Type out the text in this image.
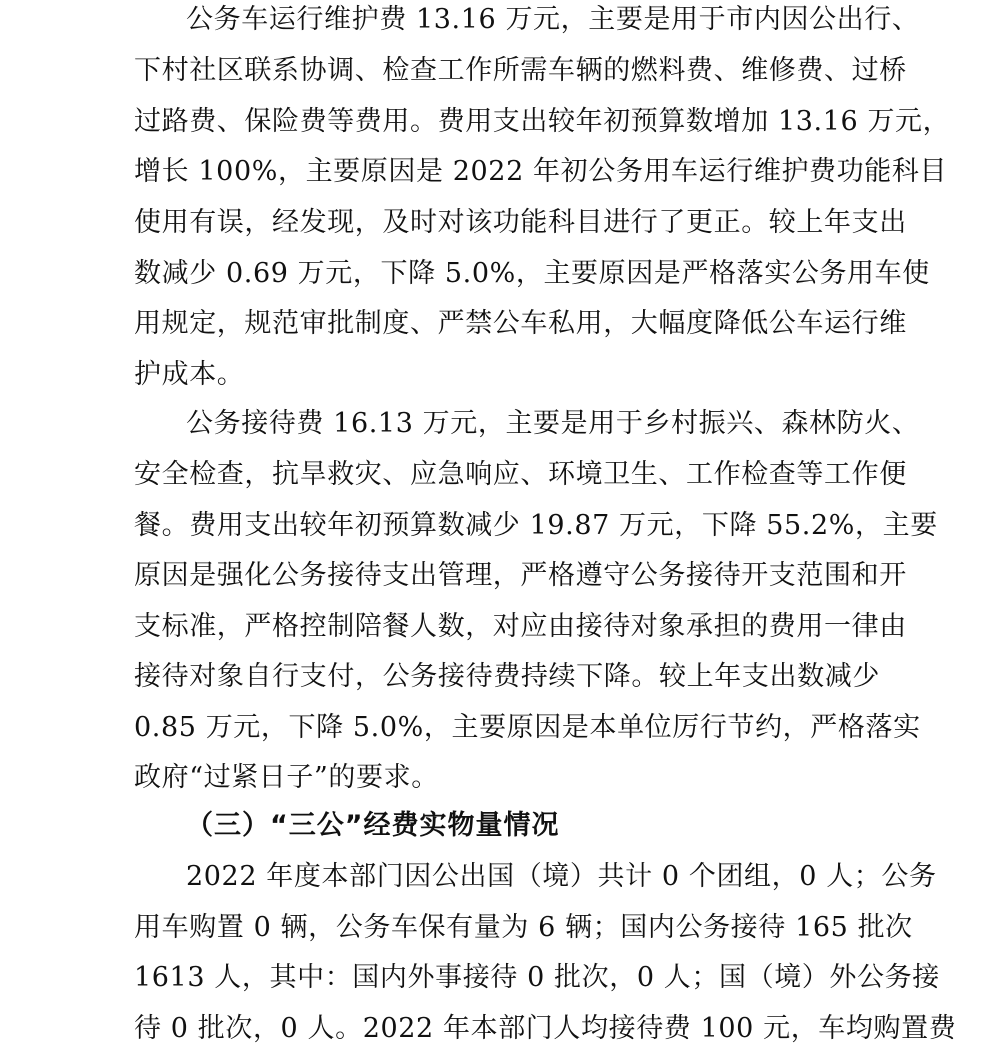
公务车运行维护费 13.16 万元，主要是用于市内因公出行、
下村社区联系协调、检查工作所需车辆的燃料费、维修费、过桥
过路费、保险费等费用。费用支出较年初预算数增加 13.16 万元，
增长 100%，主要原因是 2022 年初公务用车运行维护费功能科目
使用有误，经发现，及时对该功能科目进行了更正。较上年支出
数减少 0.69 万元，下降 5.0%，主要原因是严格落实公务用车使
用规定，规范审批制度、严禁公车私用，大幅度降低公车运行维
护成本。
公务接待费 16.13 万元，主要是用于乡村振兴、森林防火、
安全检查，抗旱救灾、应急响应、环境卫生、工作检查等工作便
餐。费用支出较年初预算数减少 19.87 万元，下降 55.2%，主要
原因是强化公务接待支出管理，严格遵守公务接待开支范围和开
支标准，严格控制陪餐人数，对应由接待对象承担的费用一律由
接待对象自行支付，公务接待费持续下降。较上年支出数减少
0.85 万元，下降 5.0%，主要原因是本单位厉行节约，严格落实
政府“过紧日子”的要求。
（三）“三公”经费实物量情况
2022 年度本部门因公出国（境）共计 0 个团组，0 人；公务
用车购置 0 辆，公务车保有量为 6 辆；国内公务接待 165 批次
1613 人，其中：国内外事接待 0 批次，0 人；国（境）外公务接
待 0 批次，0 人。2022 年本部门人均接待费 100 元，车均购置费
